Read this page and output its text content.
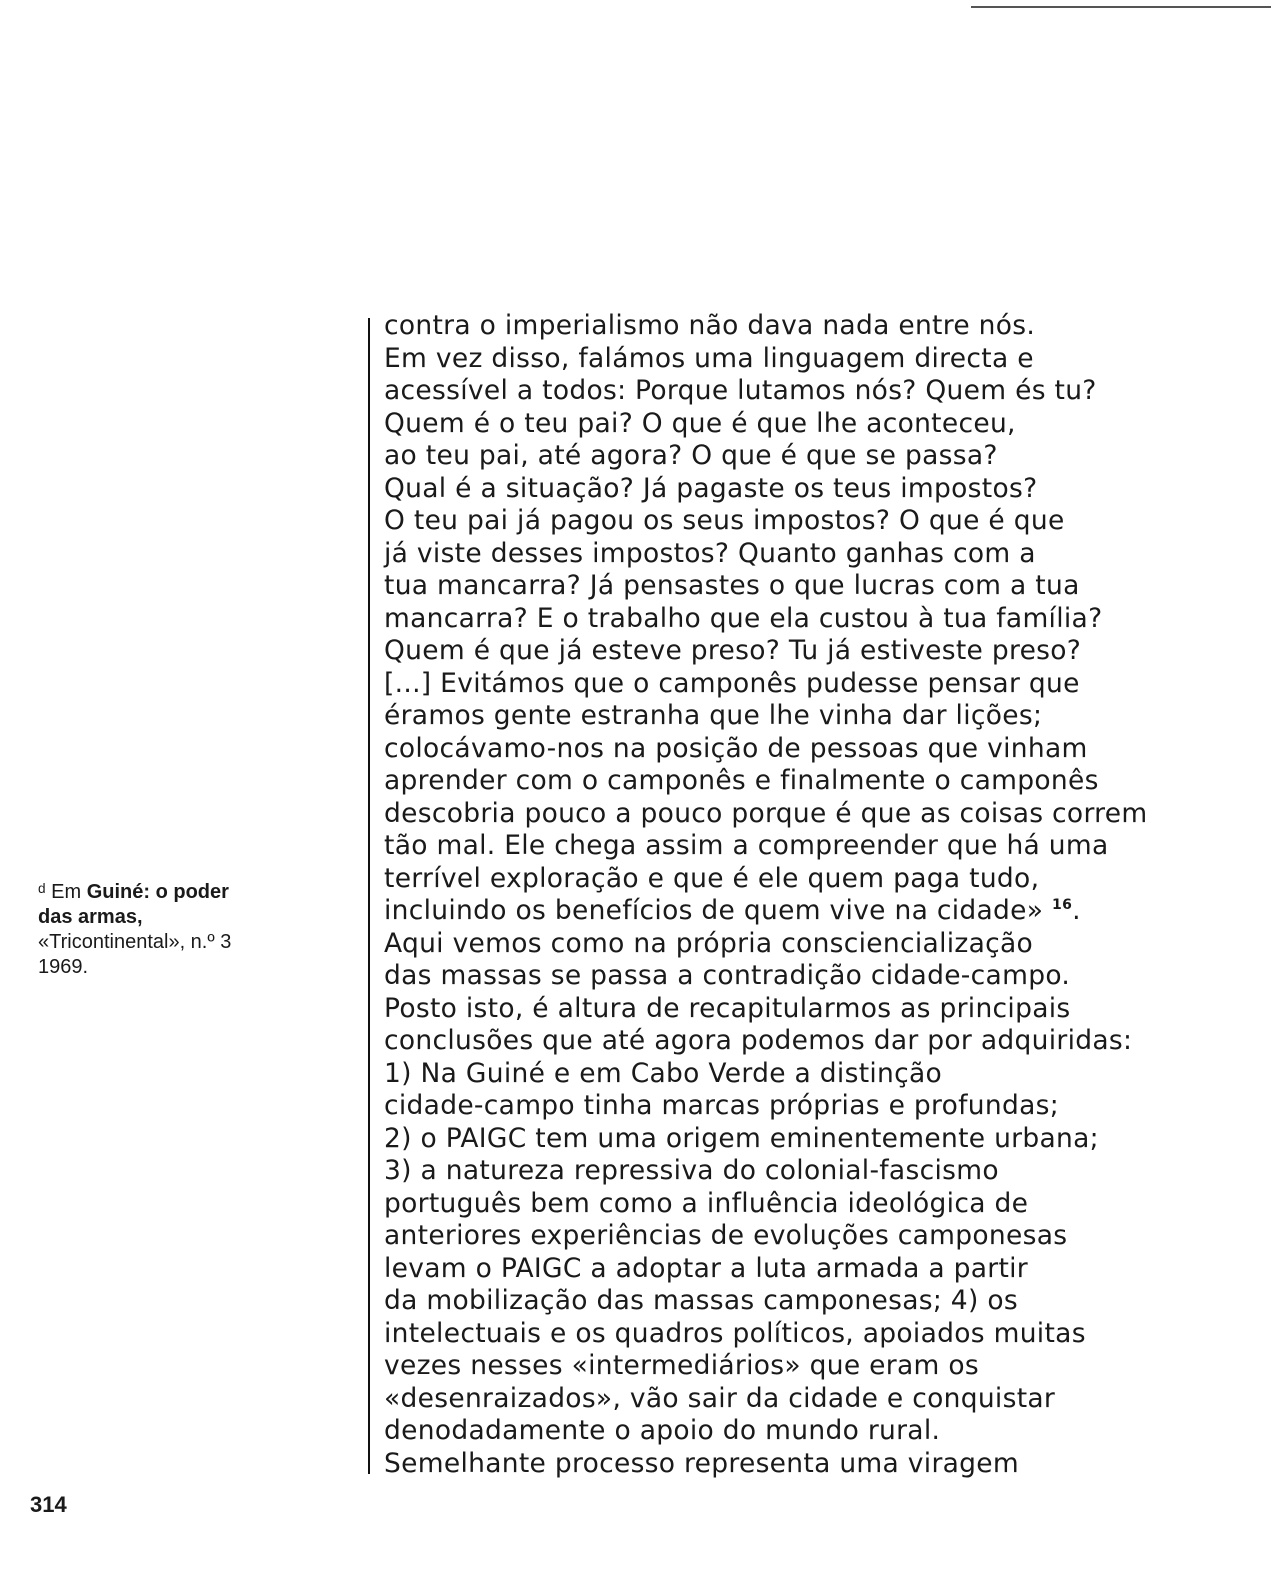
contra o imperialismo não dava nada entre nós.
Em vez disso, falámos uma linguagem directa e
acessível a todos: Porque lutamos nós? Quem és tu?
Quem é o teu pai? O que é que lhe aconteceu,
ao teu pai, até agora? O que é que se passa?
Qual é a situação? Já pagaste os teus impostos?
O teu pai já pagou os seus impostos? O que é que
já viste desses impostos? Quanto ganhas com a
tua mancarra? Já pensastes o que lucras com a tua
mancarra? E o trabalho que ela custou à tua família?
Quem é que já esteve preso? Tu já estiveste preso?
[...] Evitámos que o camponês pudesse pensar que
éramos gente estranha que lhe vinha dar lições;
colocávamo-nos na posição de pessoas que vinham
aprender com o camponês e finalmente o camponês
descobria pouco a pouco porque é que as coisas correm
tão mal. Ele chega assim a compreender que há uma
terrível exploração e que é ele quem paga tudo,
incluindo os benefícios de quem vive na cidade» $^{16}$.
Aqui vemos como na própria consciencialização
das massas se passa a contradição cidade-campo.
Posto isto, é altura de recapitularmos as principais
conclusões que até agora podemos dar por adquiridas:
1) Na Guiné e em Cabo Verde a distinção
cidade-campo tinha marcas próprias e profundas;
2) o PAIGC tem uma origem eminentemente urbana;
3) a natureza repressiva do colonial-fascismo
português bem como a influência ideológica de
anteriores experiências de evoluções camponesas
levam o PAIGC a adoptar a luta armada a partir
da mobilização das massas camponesas; 4) os
intelectuais e os quadros políticos, apoiados muitas
vezes nesses «intermediários» que eram os
«desenraizados», vão sair da cidade e conquistar
denodadamente o apoio do mundo rural.
Semelhante processo representa uma viragem
ᵈ Em Guiné: o poder
das armas,
«Tricontinental», n.º 3
1969.
314
